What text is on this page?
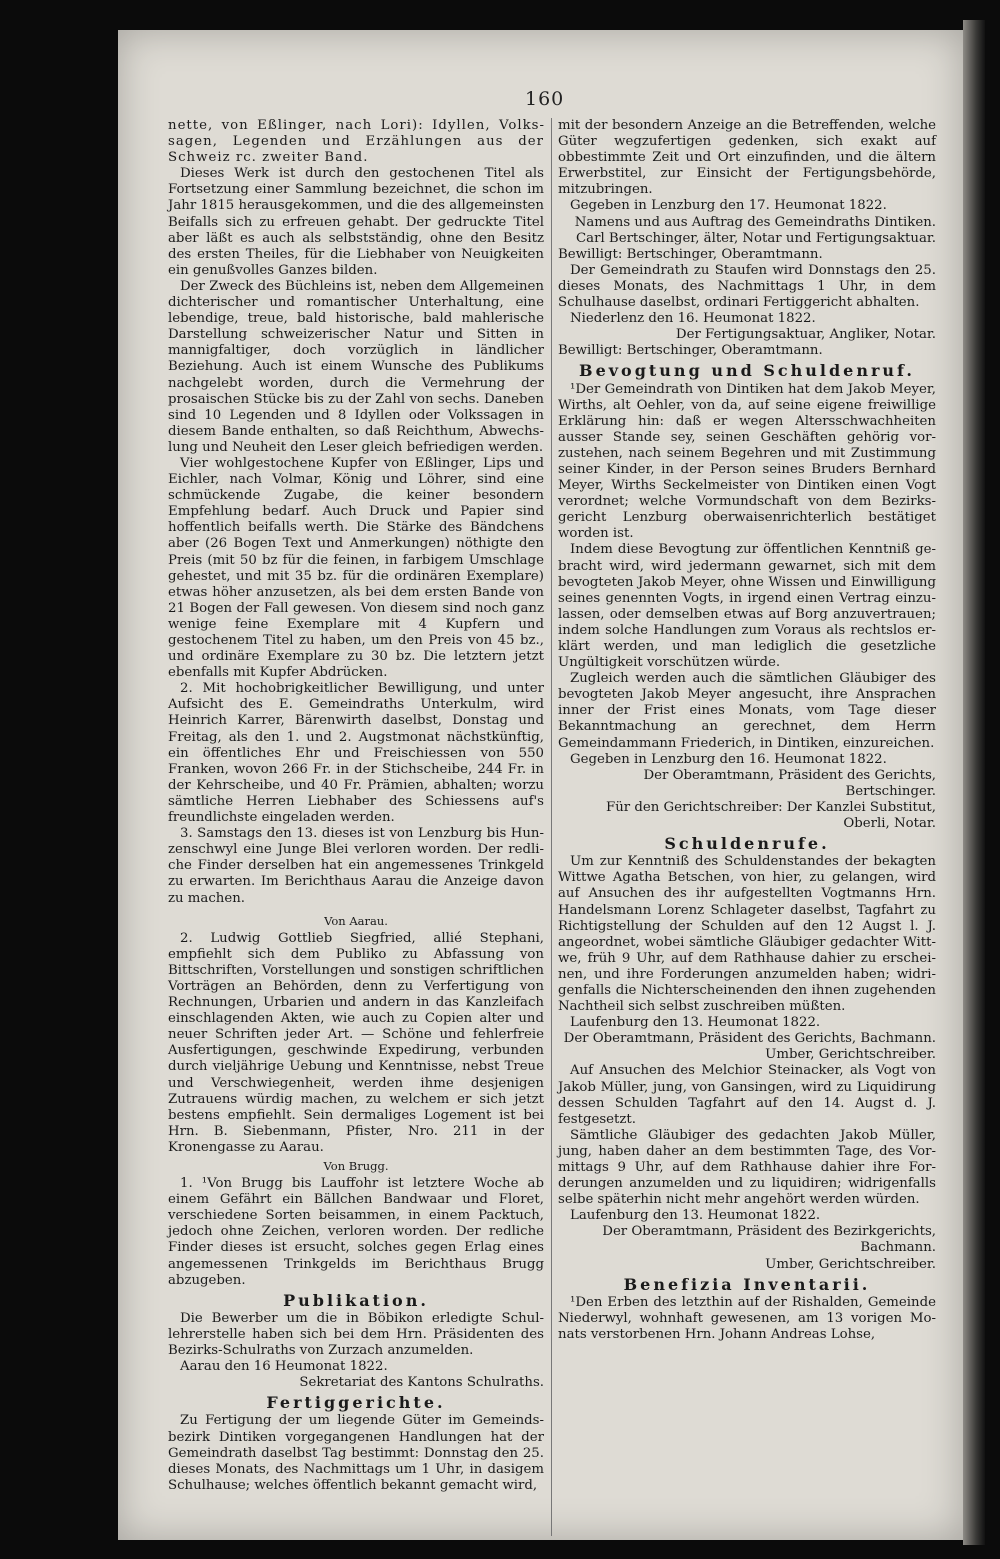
160

nette, von Eßlinger, nach Lori): Idyllen, Volkssagen, Legenden und Erzählungen aus der Schweiz rc. zweiter Band.

Dieses Werk ist durch den gestochenen Titel als Fortsetzung einer Sammlung bezeichnet, die schon im Jahr 1815 herausgekommen, und die des allgemeinsten Beifalls sich zu erfreuen gehabt. Der gedruckte Titel aber läßt es auch als selbstständig, ohne den Besitz des ersten Theiles, für die Liebhaber von Neuigkeiten ein genußvolles Ganzes bilden.

Der Zweck des Büchleins ist, neben dem Allgemeinen dichterischer und romantischer Unterhaltung, eine lebendige, treue, bald historische, bald mahlerische Darstellung schweizerischer Natur und Sitten in mannigfaltiger, doch vorzüglich in ländlicher Beziehung. Auch ist einem Wunsche des Publikums nachgelebt worden, durch die Vermehrung der prosaischen Stücke bis zu der Zahl von sechs. Daneben sind 10 Legenden und 8 Idyllen oder Volkssagen in diesem Bande enthalten, so daß Reichthum, Abwechslung und Neuheit den Leser gleich befriedigen werden.

Vier wohlgestochene Kupfer von Eßlinger, Lips und Eichler, nach Volmar, König und Löhrer, sind eine schmückende Zugabe, die keiner besondern Empfehlung bedarf. Auch Druck und Papier sind hoffentlich beifalls werth. Die Stärke des Bändchens aber (26 Bogen Text und Anmerkungen) nöthigte den Preis (mit 50 bz für die feinen, in farbigem Umschlage gehestet, und mit 35 bz. für die ordinären Exemplare) etwas höher anzusetzen, als bei dem ersten Bande von 21 Bogen der Fall gewesen. Von diesem sind noch ganz wenige feine Exemplare mit 4 Kupfern und gestochenem Titel zu haben, um den Preis von 45 bz., und ordinäre Exemplare zu 30 bz. Die letztern jetzt ebenfalls mit Kupfer Abdrücken.

2. Mit hochobrigkeitlicher Bewilligung, und unter Aufsicht des E. Gemeindraths Unterkulm, wird Heinrich Karrer, Bärenwirth daselbst, Donstag und Freitag, als den 1. und 2. Augstmonat nächstkünftig, ein öffentliches Ehr und Freischiessen von 550 Franken, wovon 266 Fr. in der Stichscheibe, 244 Fr. in der Kehrscheibe, und 40 Fr. Prämien, abhalten; worzu sämtliche Herren Liebhaber des Schiessens auf's freundlichste eingeladen werden.

3. Samstags den 13. dieses ist von Lenzburg bis Hunzenschwyl eine Junge Blei verloren worden. Der redliche Finder derselben hat ein angemessenes Trinkgeld zu erwarten. Im Berichthaus Aarau die Anzeige davon zu machen.

Von Aarau.

2. Ludwig Gottlieb Siegfried, allié Stephani, empfiehlt sich dem Publiko zu Abfassung von Bittschriften, Vorstellungen und sonstigen schriftlichen Vorträgen an Behörden, denn zu Verfertigung von Rechnungen, Urbarien und andern in das Kanzleifach einschlagenden Akten, wie auch zu Copien alter und neuer Schriften jeder Art. — Schöne und fehlerfreie Ausfertigungen, geschwinde Expedirung, verbunden durch vieljährige Uebung und Kenntnisse, nebst Treue und Verschwiegenheit, werden ihme desjenigen Zutrauens würdig machen, zu welchem er sich jetzt bestens empfiehlt. Sein dermaliges Logement ist bei Hrn. B. Siebenmann, Pfister, Nro. 211 in der Kronengasse zu Aarau.

Von Brugg.

1. ¹Von Brugg bis Lauffohr ist letztere Woche ab einem Gefährt ein Bällchen Bandwaar und Floret, verschiedene Sorten beisammen, in einem Packtuch, jedoch ohne Zeichen, verloren worden. Der redliche Finder dieses ist ersucht, solches gegen Erlag eines angemessenen Trinkgelds im Berichthaus Brugg abzugeben.

Publikation.

Die Bewerber um die in Böbikon erledigte Schullehrerstelle haben sich bei dem Hrn. Präsidenten des Bezirks-Schulraths von Zurzach anzumelden.

Aarau den 16 Heumonat 1822.

Sekretariat des Kantons Schulraths.

Fertiggerichte.

Zu Fertigung der um liegende Güter im Gemeindsbezirk Dintiken vorgegangenen Handlungen hat der Gemeindrath daselbst Tag bestimmt: Donnstag den 25. dieses Monats, des Nachmittags um 1 Uhr, in dasigem Schulhause; welches öffentlich bekannt gemacht wird,

mit der besondern Anzeige an die Betreffenden, welche Güter wegzufertigen gedenken, sich exakt auf obbestimmte Zeit und Ort einzufinden, und die ältern Erwerbstitel, zur Einsicht der Fertigungsbehörde, mitzubringen.

Gegeben in Lenzburg den 17. Heumonat 1822.

Namens und aus Auftrag des Gemeindraths Dintiken.

Carl Bertschinger, älter, Notar und Fertigungsaktuar.

Bewilligt: Bertschinger, Oberamtmann.

Der Gemeindrath zu Staufen wird Donnstags den 25. dieses Monats, des Nachmittags 1 Uhr, in dem Schulhause daselbst, ordinari Fertiggericht abhalten.

Niederlenz den 16. Heumonat 1822.

Der Fertigungsaktuar, Angliker, Notar.

Bewilligt: Bertschinger, Oberamtmann.

Bevogtung und Schuldenruf.

¹Der Gemeindrath von Dintiken hat dem Jakob Meyer, Wirths, alt Oehler, von da, auf seine eigene freiwillige Erklärung hin: daß er wegen Altersschwachheiten ausser Stande sey, seinen Geschäften gehörig vorzustehen, nach seinem Begehren und mit Zustimmung seiner Kinder, in der Person seines Bruders Bernhard Meyer, Wirths Seckelmeister von Dintiken einen Vogt verordnet; welche Vormundschaft von dem Bezirksgericht Lenzburg oberwaisenrichterlich bestätiget worden ist.

Indem diese Bevogtung zur öffentlichen Kenntniß gebracht wird, wird jedermann gewarnet, sich mit dem bevogteten Jakob Meyer, ohne Wissen und Einwilligung seines genennten Vogts, in irgend einen Vertrag einzulassen, oder demselben etwas auf Borg anzuvertrauen; indem solche Handlungen zum Voraus als rechtslos erklärt werden, und man lediglich die gesetzliche Ungültigkeit vorschützen würde.

Zugleich werden auch die sämtlichen Gläubiger des bevogteten Jakob Meyer angesucht, ihre Ansprachen inner der Frist eines Monats, vom Tage dieser Bekanntmachung an gerechnet, dem Herrn Gemeindammann Friederich, in Dintiken, einzureichen.

Gegeben in Lenzburg den 16. Heumonat 1822.

Der Oberamtmann, Präsident des Gerichts, Bertschinger.

Für den Gerichtschreiber: Der Kanzlei Substitut, Oberli, Notar.

Schuldenrufe.

Um zur Kenntniß des Schuldenstandes der bekagten Wittwe Agatha Betschen, von hier, zu gelangen, wird auf Ansuchen des ihr aufgestellten Vogtmanns Hrn. Handelsmann Lorenz Schlageter daselbst, Tagfahrt zu Richtigstellung der Schulden auf den 12 Augst l. J. angeordnet, wobei sämtliche Gläubiger gedachter Wittwe, früh 9 Uhr, auf dem Rathhause dahier zu erscheinen, und ihre Forderungen anzumelden haben; widrigenfalls die Nichterscheinenden den ihnen zugehenden Nachtheil sich selbst zuschreiben müßten.

Laufenburg den 13. Heumonat 1822.

Der Oberamtmann, Präsident des Gerichts, Bachmann.

Umber, Gerichtschreiber.

Auf Ansuchen des Melchior Steinacker, als Vogt von Jakob Müller, jung, von Gansingen, wird zu Liquidirung dessen Schulden Tagfahrt auf den 14. Augst d. J. festgesetzt.

Sämtliche Gläubiger des gedachten Jakob Müller, jung, haben daher an dem bestimmten Tage, des Vormittags 9 Uhr, auf dem Rathhause dahier ihre Forderungen anzumelden und zu liquidiren; widrigenfalls selbe späterhin nicht mehr angehört werden würden.

Laufenburg den 13. Heumonat 1822.

Der Oberamtmann, Präsident des Bezirkgerichts, Bachmann.

Umber, Gerichtschreiber.

Benefizia Inventarii.

¹Den Erben des letzthin auf der Rishalden, Gemeinde Niederwyl, wohnhaft gewesenen, am 13 vorigen Monats verstorbenen Hrn. Johann Andreas Lohse,
